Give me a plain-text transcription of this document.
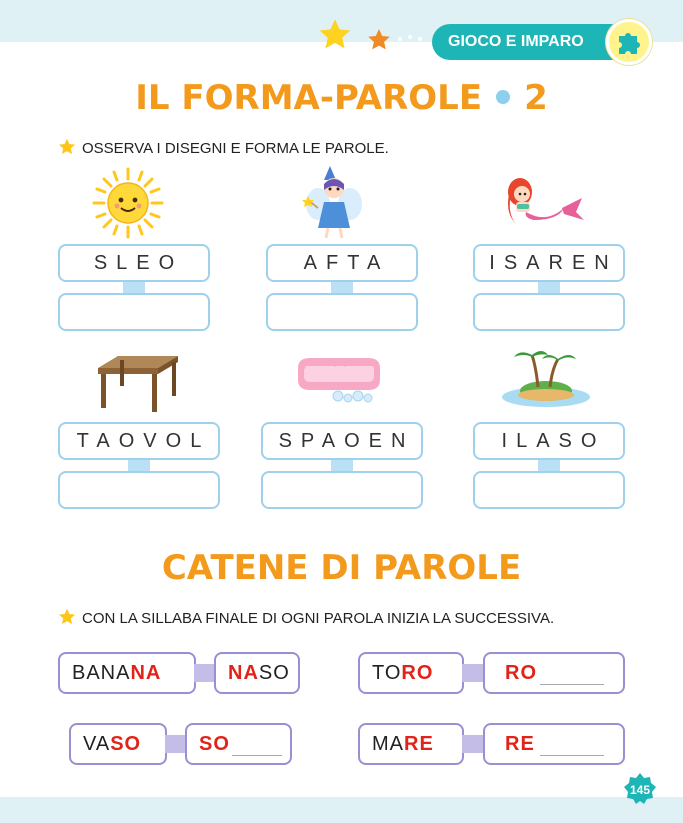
GIOCO E IMPARO
IL FORMA-PAROLE 2
OSSERVA I DISEGNI E FORMA LE PAROLE.
SLEO	AFTA	ISAREN
TAOVOL	SPAOEN	ILASO
CATENE DI PAROLE
CON LA SILLABA FINALE DI OGNI PAROLA INIZIA LA SUCCESSIVA.
BANANA	NASO	TORO	RO
VASO	SO	MARE	RE
145
